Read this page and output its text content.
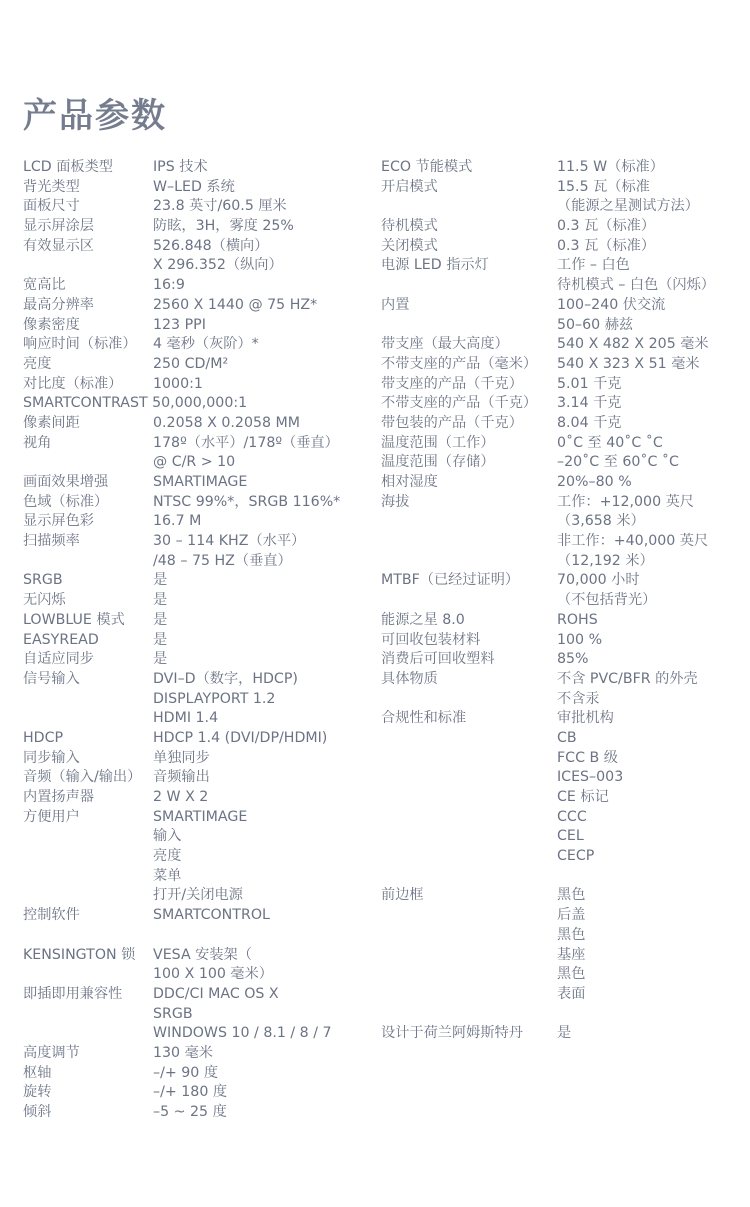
产品参数
LCD 面板类型	IPS 技术
背光类型	W–LED 系统
面板尺寸	23.8 英寸/60.5 厘米
显示屏涂层	防眩，3H，雾度 25%
有效显示区	526.848（横向）
X 296.352（纵向）
宽高比	16:9
最高分辨率	2560 X 1440 @ 75 HZ*
像素密度	123 PPI
响应时间（标准） 4 毫秒（灰阶）*
亮度	250 CD/M²
对比度（标准） 1000:1
SMARTCONTRAST 50,000,000:1
像素间距	0.2058 X 0.2058 MM
视角	178º（水平）/178º（垂直）
@ C/R > 10
画面效果增强	SMARTIMAGE
色域（标准）	NTSC 99%*，SRGB 116%*
显示屏色彩	16.7 M
扫描频率	30 – 114 KHZ（水平）
/48 – 75 HZ（垂直）
SRGB	是
无闪烁	是
LOWBLUE 模式 是
EASYREAD	是
自适应同步	是
信号输入	DVI–D（数字，HDCP)
DISPLAYPORT 1.2
HDMI 1.4
HDCP	HDCP 1.4 (DVI/DP/HDMI)
同步输入	单独同步
音频（输入/输出） 音频输出
内置扬声器	2 W X 2
方便用户	SMARTIMAGE
输入
亮度
菜单
打开/关闭电源
控制软件	SMARTCONTROL
KENSINGTON 锁 VESA 安装架（
100 X 100 毫米）
即插即用兼容性 DDC/CI MAC OS X
SRGB
WINDOWS 10 / 8.1 / 8 / 7
高度调节	130 毫米
枢轴	–/+ 90 度
旋转	–/+ 180 度
倾斜	–5 ~ 25 度
ECO 节能模式	11.5 W（标准）
开启模式	15.5 瓦（标准
（能源之星测试方法）
待机模式	0.3 瓦（标准）
关闭模式	0.3 瓦（标准）
电源 LED 指示灯	工作 – 白色
待机模式 – 白色（闪烁）
内置	100–240 伏交流
50–60 赫兹
带支座（最大高度）	540 X 482 X 205 毫米
不带支座的产品（毫米） 540 X 323 X 51 毫米
带支座的产品（千克） 5.01 千克
不带支座的产品（千克） 3.14 千克
带包装的产品（千克） 8.04 千克
温度范围（工作）	0˚C 至 40˚C ˚C
温度范围（存储）	–20˚C 至 60˚C ˚C
相对湿度	20%–80 %
海拔	工作：+12,000 英尺
（3,658 米）
非工作：+40,000 英尺
（12,192 米）
MTBF（已经过证明）	70,000 小时
（不包括背光）
能源之星 8.0	ROHS
可回收包装材料	100 %
消费后可回收塑料	85%
具体物质	不含 PVC/BFR 的外壳
不含汞
合规性和标准	审批机构
CB
FCC B 级
ICES–003
CE 标记
CCC
CEL
CECP
前边框	黑色
后盖
黑色
基座
黑色
表面
设计于荷兰阿姆斯特丹 是
